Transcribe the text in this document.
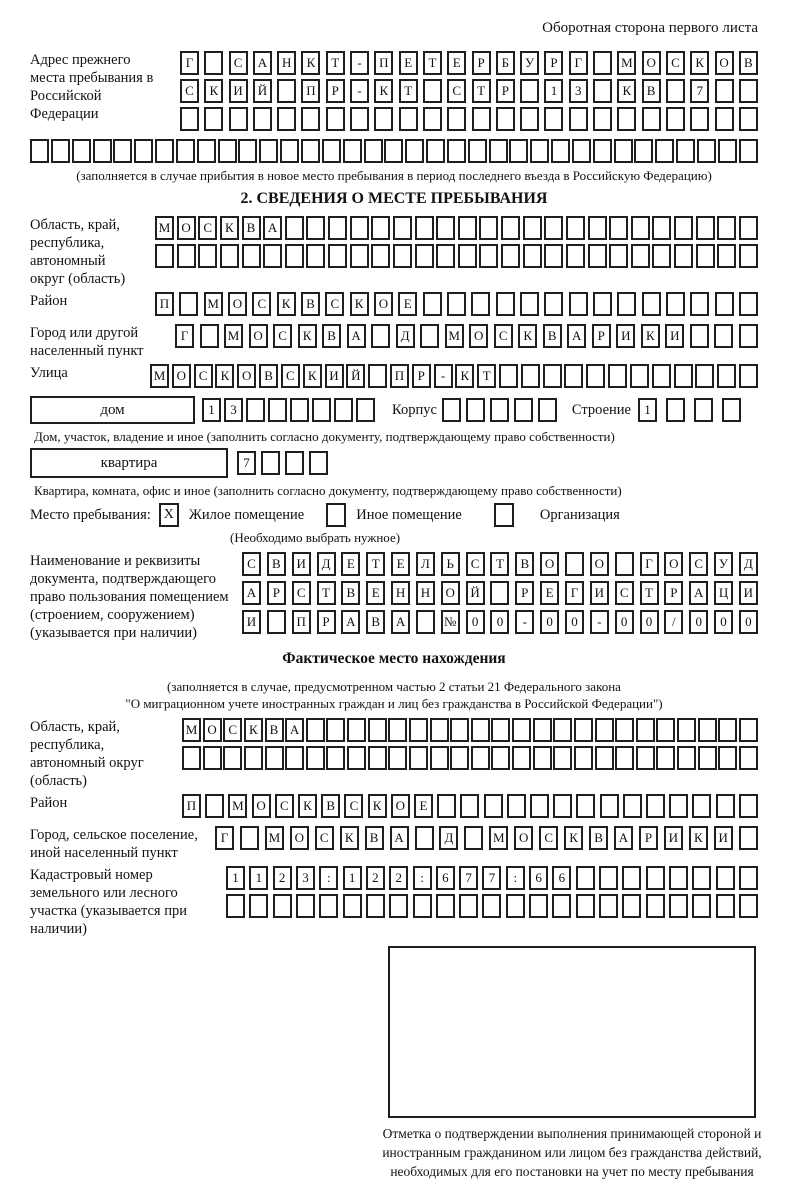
Оборотная сторона первого листа
Адрес прежнего места пребывания в Российской Федерации
Г	С	А	Н	К	Т	-	П	Е	Т	Е	Р	Б	У	Р	Г	М	О	С	К	О	В
С	К	И	Й	П	Р	-	К	Т	С	Т	Р	1	3	К	В	7
(заполняется в случае прибытия в новое место пребывания в период последнего въезда в Российскую Федерацию)
2. СВЕДЕНИЯ О МЕСТЕ ПРЕБЫВАНИЯ
Область, край, республика, автономный округ (область)
М О С К В А
Район	П	М	О	С	К	В	С	К	О	Е
Город или другой населенный пункт
Г	М	О	С	К	В	А	Д	М	О	С	К	В	А	Р	И	К	И
Улица	М О С	К О В	С	К И Й	П	Р	-	К	Т
дом	1	3	Корпус	Строение	1
Дом, участок, владение и иное (заполнить согласно документу, подтверждающему право собственности)
квартира	7
Квартира, комната, офис и иное (заполнить согласно документу, подтверждающему право собственности)
Место пребывания: X	Жилое помещение	Иное помещение	Организация
(Необходимо выбрать нужное)
Наименование и реквизиты документа, подтверждающего право пользования помещением (строением, сооружением) (указывается при наличии)
С	В	И	Д	Е	Т	Е	Л	Ь	С	Т	В	О	О	Г	О	С	У	Д
А	Р	С	Т	В	Е	Н	Н	О	Й	Р	Е	Г	И	С	Т	Р	А	Ц	И
И	П	Р	А	В	А	№	0	0	-	0	0	-	0	0	/	0	0	0
Фактическое место нахождения
(заполняется в случае, предусмотренном частью 2 статьи 21 Федерального закона
"О миграционном учете иностранных граждан и лиц без гражданства в Российской Федерации")
Область, край, республика, автономный округ (область)
М О С К В А
Район	П	М О	С	К	В	С	К	О	Е
Город, сельское поселение, иной населенный пункт
Г	М	О	С	К	В	А	Д	М	О	С	К	В	А	Р	И	К	И
Кадастровый номер земельного или лесного участка (указывается при наличии)
1	1	2	3	:	1	2	2	:	6	7	7	:	6	6
Отметка о подтверждении выполнения принимающей стороной и иностранным гражданином или лицом без гражданства действий, необходимых для его постановки на учет по месту пребывания
